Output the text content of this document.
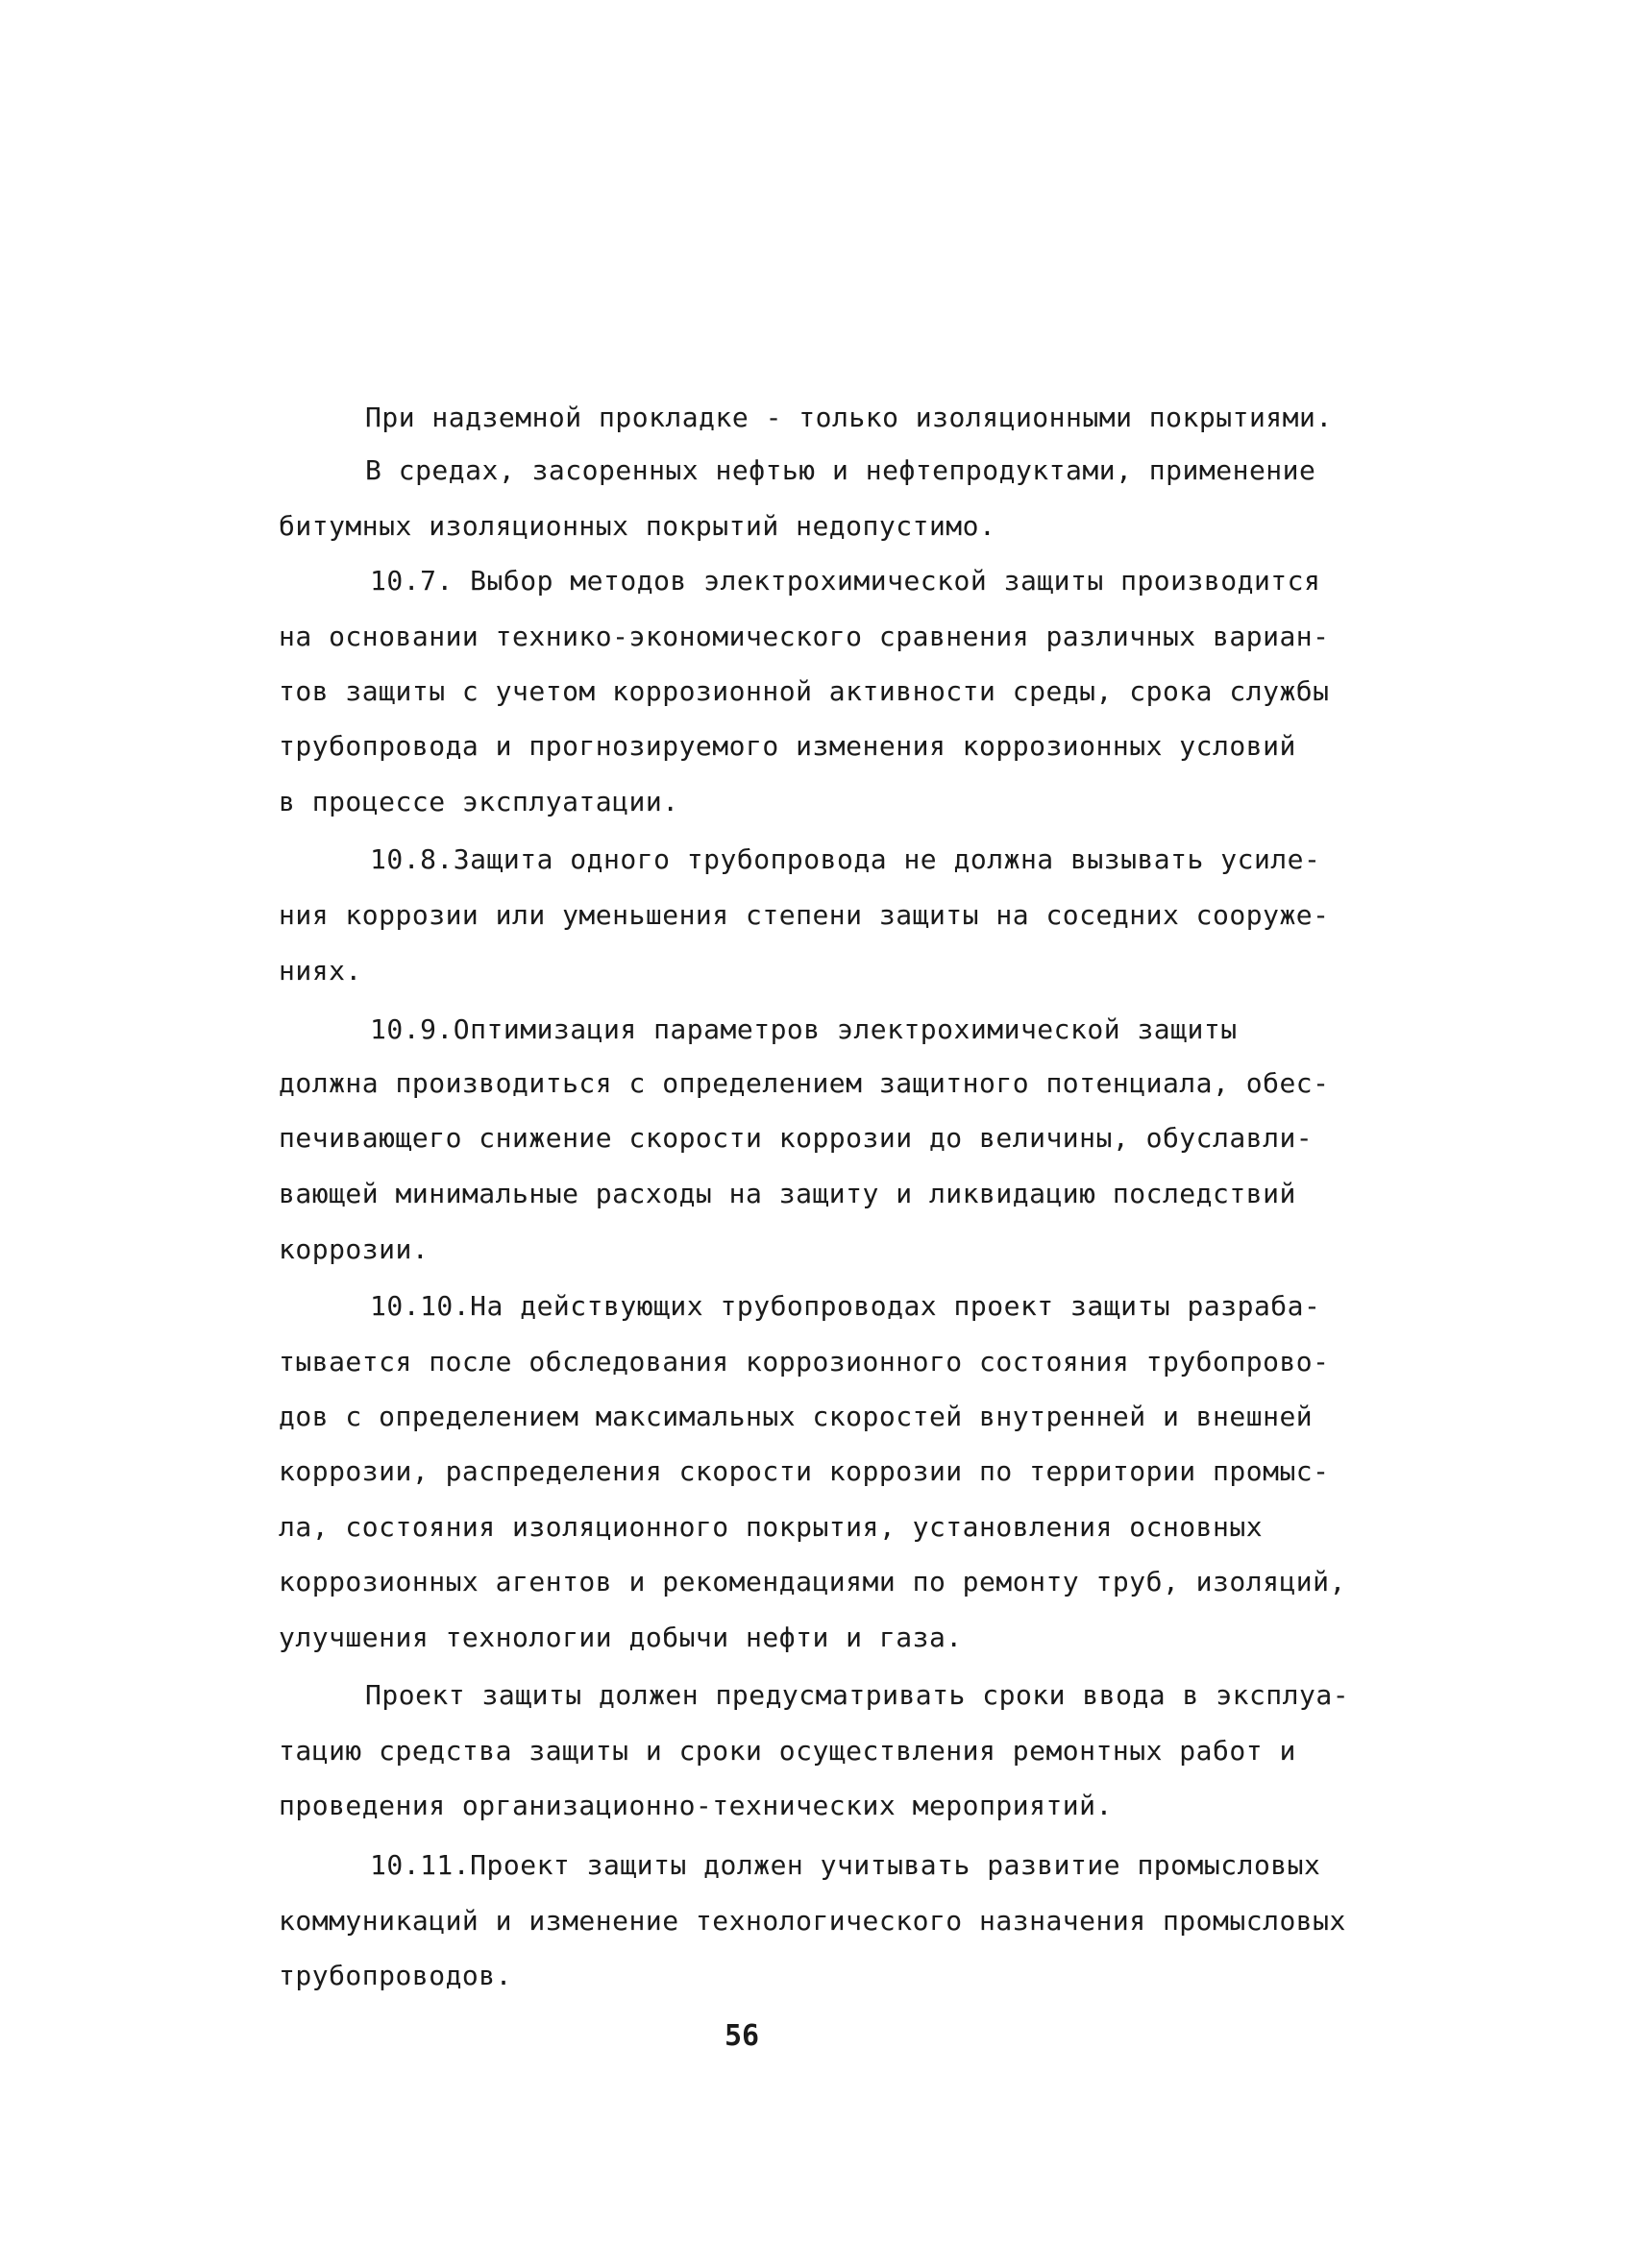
При надземной прокладке - только изоляционными покрытиями.
В средах, засоренных нефтью и нефтепродуктами, применение
битумных изоляционных покрытий недопустимо.
10.7. Выбор методов электрохимической защиты производится
на основании технико-экономического сравнения различных вариан-
тов защиты с учетом коррозионной активности среды, срока службы
трубопровода и прогнозируемого изменения коррозионных условий
в процессе эксплуатации.
10.8.Защита одного трубопровода не должна вызывать усиле-
ния коррозии или уменьшения степени защиты на соседних сооруже-
ниях.
10.9.Оптимизация параметров электрохимической защиты
должна производиться с определением защитного потенциала, обес-
печивающего снижение скорости коррозии до величины, обуславли-
вающей минимальные расходы на защиту и ликвидацию последствий
коррозии.
10.10.На действующих трубопроводах проект защиты разраба-
тывается после обследования коррозионного состояния трубопрово-
дов с определением максимальных скоростей внутренней и внешней
коррозии, распределения скорости коррозии по территории промыс-
ла, состояния изоляционного покрытия, установления основных
коррозионных агентов и рекомендациями по ремонту труб, изоляций,
улучшения технологии добычи нефти и газа.
Проект защиты должен предусматривать сроки ввода в эксплуа-
тацию средства защиты и сроки осуществления ремонтных работ и
проведения организационно-технических мероприятий.
10.11.Проект защиты должен учитывать развитие промысловых
коммуникаций и изменение технологического назначения промысловых
трубопроводов.
56
